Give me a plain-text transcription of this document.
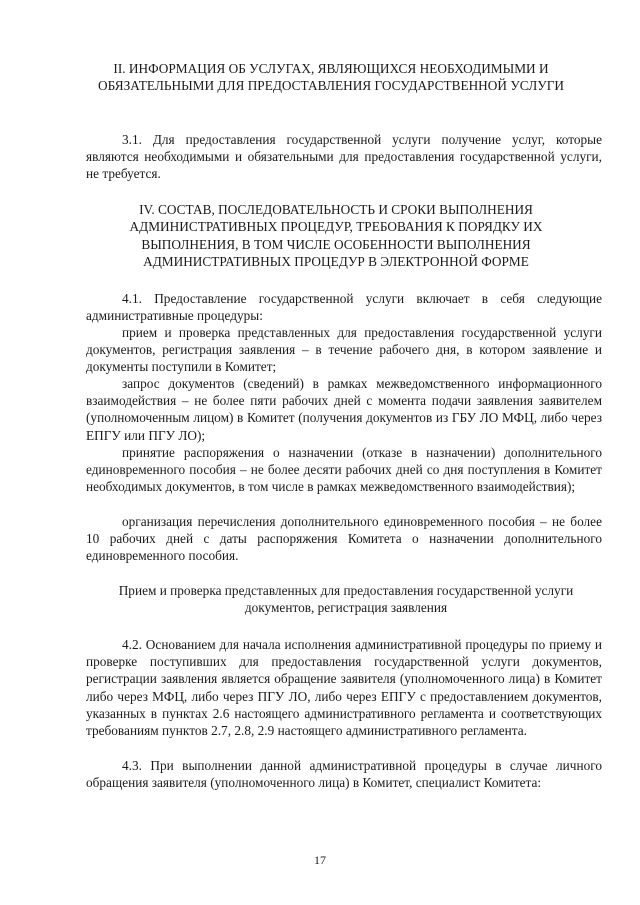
II. ИНФОРМАЦИЯ ОБ УСЛУГАХ, ЯВЛЯЮЩИХСЯ НЕОБХОДИМЫМИ И ОБЯЗАТЕЛЬНЫМИ ДЛЯ ПРЕДОСТАВЛЕНИЯ ГОСУДАРСТВЕННОЙ УСЛУГИ

3.1. Для предоставления государственной услуги получение услуг, которые являются необходимыми и обязательными для предоставления государственной услуги, не требуется.

IV. СОСТАВ, ПОСЛЕДОВАТЕЛЬНОСТЬ И СРОКИ ВЫПОЛНЕНИЯ АДМИНИСТРАТИВНЫХ ПРОЦЕДУР, ТРЕБОВАНИЯ К ПОРЯДКУ ИХ ВЫПОЛНЕНИЯ, В ТОМ ЧИСЛЕ ОСОБЕННОСТИ ВЫПОЛНЕНИЯ АДМИНИСТРАТИВНЫХ ПРОЦЕДУР В ЭЛЕКТРОННОЙ ФОРМЕ

4.1. Предоставление государственной услуги включает в себя следующие административные процедуры:

прием и проверка представленных для предоставления государственной услуги документов, регистрация заявления – в течение рабочего дня, в котором заявление и документы поступили в Комитет;

запрос документов (сведений) в рамках межведомственного информационного взаимодействия – не более пяти рабочих дней с момента подачи заявления заявителем (уполномоченным лицом) в Комитет (получения документов из ГБУ ЛО МФЦ, либо через ЕПГУ или ПГУ ЛО);

принятие распоряжения о назначении (отказе в назначении) дополнительного единовременного пособия – не более десяти рабочих дней со дня поступления в Комитет необходимых документов, в том числе в рамках межведомственного взаимодействия);

организация перечисления дополнительного единовременного пособия – не более 10 рабочих дней с даты распоряжения Комитета о назначении дополнительного единовременного пособия.

Прием и проверка представленных для предоставления государственной услуги документов, регистрация заявления

4.2. Основанием для начала исполнения административной процедуры по приему и проверке поступивших для предоставления государственной услуги документов, регистрации заявления является обращение заявителя (уполномоченного лица) в Комитет либо через МФЦ, либо через ПГУ ЛО, либо через ЕПГУ с предоставлением документов, указанных в пунктах 2.6 настоящего административного регламента и соответствующих требованиям пунктов 2.7, 2.8, 2.9 настоящего административного регламента.

4.3. При выполнении данной административной процедуры в случае личного обращения заявителя (уполномоченного лица) в Комитет, специалист Комитета:

17
